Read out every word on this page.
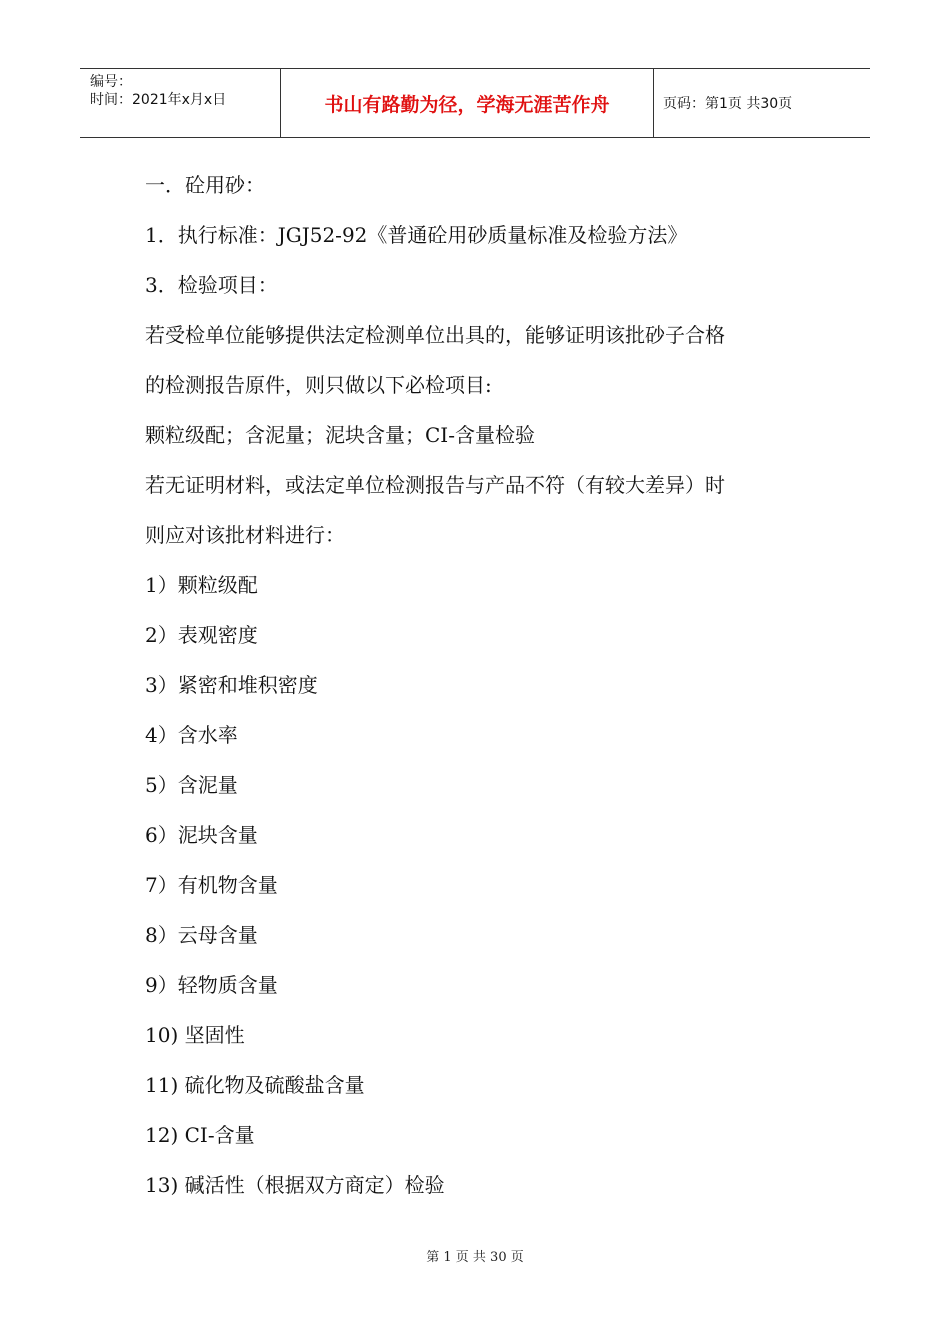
编号：
时间：2021年x月x日	书山有路勤为径，学海无涯苦作舟	页码：第1页 共30页
一．砼用砂：
1．执行标准：JGJ52-92《普通砼用砂质量标准及检验方法》
3．检验项目：
若受检单位能够提供法定检测单位出具的，能够证明该批砂子合格
的检测报告原件，则只做以下必检项目:
颗粒级配；含泥量；泥块含量；CI-含量检验
若无证明材料，或法定单位检测报告与产品不符（有较大差异）时
则应对该批材料进行：
1）颗粒级配
2）表观密度
3）紧密和堆积密度
4）含水率
5）含泥量
6）泥块含量
7）有机物含量
8）云母含量
9）轻物质含量
10) 坚固性
11) 硫化物及硫酸盐含量
12) CI-含量
13) 碱活性（根据双方商定）检验
第 1 页 共 30 页
